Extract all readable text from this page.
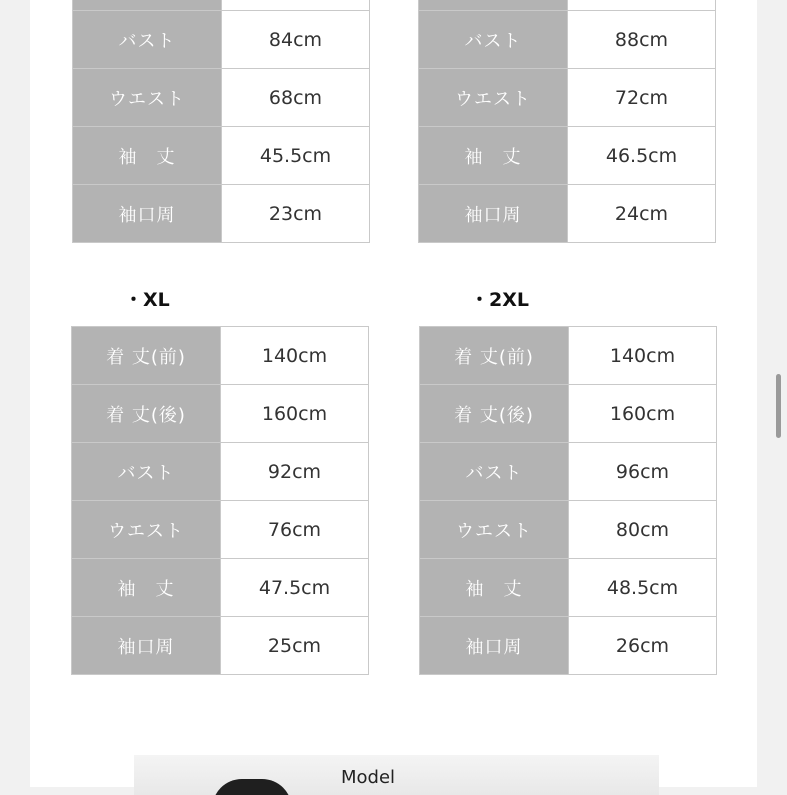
バスト	84cm
ウエスト	68cm
袖　丈	45.5cm
袖口周	23cm

バスト	88cm
ウエスト	72cm
袖　丈	46.5cm
袖口周	24cm
・XL	・2XL
着 丈(前)	140cm
着 丈(後)	160cm
バスト	92cm
ウエスト	76cm
袖　丈	47.5cm
袖口周	25cm
着 丈(前)	140cm
着 丈(後)	160cm
バスト	96cm
ウエスト	80cm
袖　丈	48.5cm
袖口周	26cm
Model
